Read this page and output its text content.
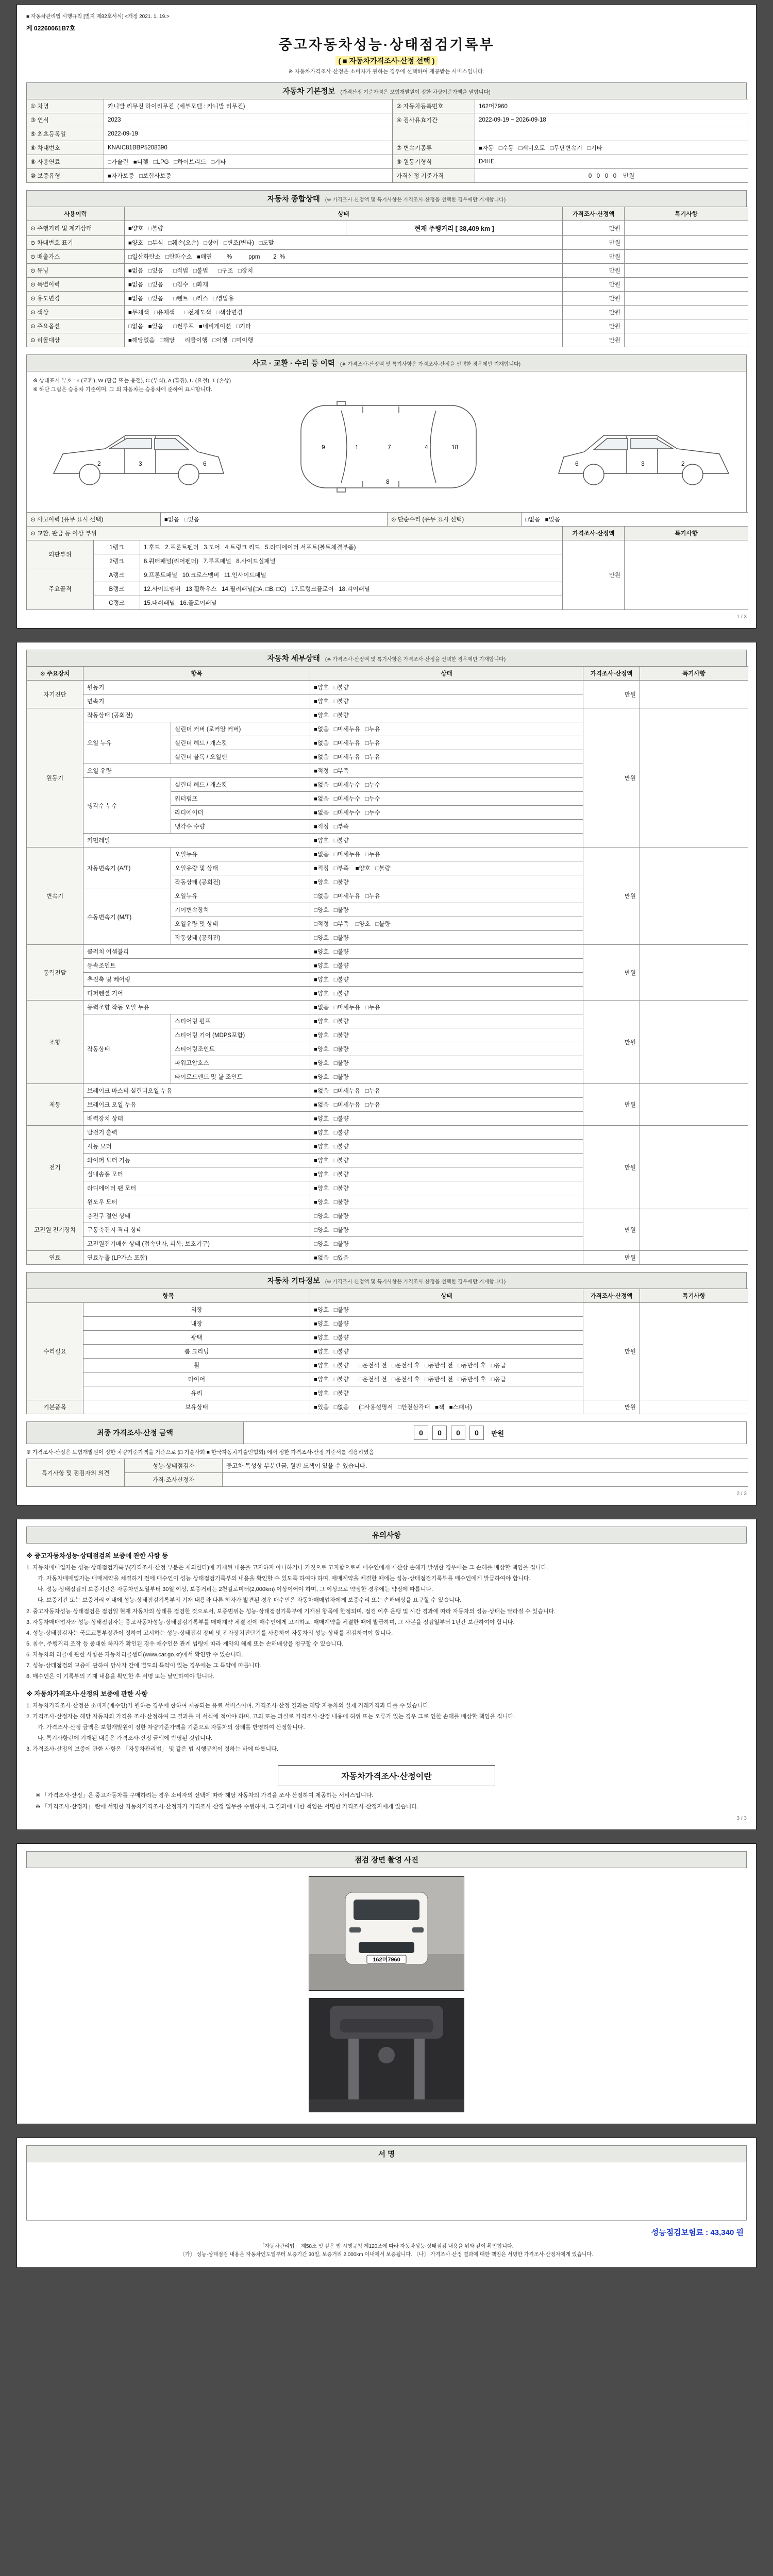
■ 자동차관리법 시행규칙 [별지 제82호서식] <개정 2021. 1. 19.>
제 02260061B7호
중고자동차성능·상태점검기록부
( ■ 자동차가격조사·산정 선택 )
※ 자동차가격조사·산정은 소비자가 원하는 경우에 선택하여 제공받는 서비스입니다.
자동차 기본정보 (가격산정 기준가격은 보험개발원이 정한 차량기준가액을 말합니다)
① 차명	카니발 리무진 하이리무진  (세부모델 : 카니발 리무진)	② 자동차등록번호	162머7960
③ 연식	2023	④ 검사유효기간	2022-09-19 ~ 2026-09-18
⑤ 최초등록일	2022-09-19		
⑥ 차대번호	KNAIC81BBP5208390	⑦ 변속기종류	■자동   □수동   □세미오토   □무단변속기   □기타
⑧ 사용연료	□가솔린   ■디젤   □LPG   □하이브리드   □기타	⑨ 원동기형식	D4HE
⑩ 보증유형	■자가보증   □보험사보증	가격산정 기준가격	0   0   0   0    만원
자동차 종합상태 (※ 가격조사·산정액 및 특기사항은 가격조사·산정을 선택한 경우에만 기재합니다)
사용이력	상태		가격조사·산정액	특기사항
⊙ 주행거리 및 계기상태	■양호   □불량	현재 주행거리 [ 38,409 km ]	만원	
⊙ 차대번호 표기	■양호   □부식   □훼손(오손)   □상이   □변조(변타)   □도말		만원	
⊙ 배출가스	□일산화탄소   □탄화수소   ■매연         %          ppm        2  %		만원	
⊙ 튜닝	■없음   □있음      □적법   □불법      □구조   □장치		만원	
⊙ 특별이력	■없음   □있음      □침수   □화재		만원	
⊙ 용도변경	■없음   □있음      □렌트   □리스   □영업용		만원	
⊙ 색상	■무채색   □유채색      □전체도색   □색상변경		만원	
⊙ 주요옵션	□없음   ■있음      □썬루프   ■네비게이션   □기타		만원	
⊙ 리콜대상	■해당없음   □해당      리콜이행   □이행   □미이행		만원	
사고 · 교환 · 수리 등 이력 (※ 가격조사·산정액 및 특기사항은 가격조사·산정을 선택한 경우에만 기재합니다)
※ 상태표시 부호 : × (교환), W (판금 또는 용접), C (부식), A (흠집), U (요철), T (손상)
※ 하단 그림은 승용차 기준이며, 그 외 자동차는 승용차에 준하여 표시합니다.
2	3	6
9	1	7	4	18
8
2
3
6
⊙ 사고이력 (유무 표시 선택)	■없음   □있음	⊙ 단순수리 (유무 표시 선택)	□없음   ■있음
⊙ 교환, 판금 등 이상 부위			가격조사·산정액	특기사항
외판부위	1랭크	1.후드   2.프론트펜더   3.도어   4.트렁크 리드   5.라디에이터 서포트(볼트체결부품)	만원	
	2랭크	6.쿼터패널(리어펜더)   7.루프패널   8.사이드실패널		
주요골격	A랭크	9.프론트패널   10.크로스멤버   11.인사이드패널		
	B랭크	12.사이드멤버   13.휠하우스   14.필러패널(□A, □B, □C)   17.트렁크플로어   18.리어패널		
	C랭크	15.대쉬패널   16.플로어패널		
1 / 3
자동차 세부상태 (※ 가격조사·산정액 및 특기사항은 가격조사·산정을 선택한 경우에만 기재합니다)
⊙ 주요장치	항목		상태	가격조사·산정액	특기사항
자기진단	원동기		■양호   □불량	만원	
	변속기		■양호   □불량		
원동기	작동상태 (공회전)		■양호   □불량	만원	
	오일 누유	실린더 커버 (로커암 커버)	■없음   □미세누유   □누유		
		실린더 헤드 / 개스킷	■없음   □미세누유   □누유		
		실린더 블록 / 오일팬	■없음   □미세누유   □누유		
	오일 유량		■적정   □부족		
	냉각수 누수	실린더 헤드 / 개스킷	■없음   □미세누수   □누수		
		워터펌프	■없음   □미세누수   □누수		
		라디에이터	■없음   □미세누수   □누수		
		냉각수 수량	■적정   □부족		
	커먼레일		■양호   □불량		
변속기	자동변속기 (A/T)	오일누유	■없음   □미세누유   □누유	만원	
		오일유량 및 상태	■적정   □부족    ■양호   □불량		
		작동상태 (공회전)	■양호   □불량		
	수동변속기 (M/T)	오일누유	□없음   □미세누유   □누유		
		기어변속장치	□양호   □불량		
		오일유량 및 상태	□적정   □부족    □양호   □불량		
		작동상태 (공회전)	□양호   □불량		
동력전달	클러치 어셈블리		■양호   □불량	만원	
	등속조인트		■양호   □불량		
	추진축 및 베어링		■양호   □불량		
	디퍼렌셜 기어		■양호   □불량		
조향	동력조향 작동 오일 누유		■없음   □미세누유   □누유	만원	
	작동상태	스티어링 펌프	■양호   □불량		
		스티어링 기어 (MDPS포함)	■양호   □불량		
		스티어링조인트	■양호   □불량		
		파워고압호스	■양호   □불량		
		타이로드엔드 및 볼 조인트	■양호   □불량		
제동	브레이크 마스터 실린더오일 누유		■없음   □미세누유   □누유	만원	
	브레이크 오일 누유		■없음   □미세누유   □누유		
	배력장치 상태		■양호   □불량		
전기	발전기 출력		■양호   □불량	만원	
	시동 모터		■양호   □불량		
	와이퍼 모터 기능		■양호   □불량		
	실내송풍 모터		■양호   □불량		
	라디에이터 팬 모터		■양호   □불량		
	윈도우 모터		■양호   □불량		
고전원 전기장치	충전구 절연 상태		□양호   □불량	만원	
	구동축전지 격리 상태		□양호   □불량		
	고전원전기배선 상태 (접속단자, 피복, 보호기구)		□양호   □불량		
연료	연료누출 (LP가스 포함)		■없음   □있음	만원	
자동차 기타정보 (※ 가격조사·산정액 및 특기사항은 가격조사·산정을 선택한 경우에만 기재합니다)
항목		상태	가격조사·산정액	특기사항
수리필요	외장	■양호   □불량	만원	
	내장	■양호   □불량		
	광택	■양호   □불량		
	룸 크리닝	■양호   □불량		
	휠	■양호   □불량      □운전석 전   □운전석 후   □동반석 전   □동반석 후   □응급		
	타이어	■양호   □불량      □운전석 전   □운전석 후   □동반석 전   □동반석 후   □응급		
	유리	■양호   □불량		
기본품목	보유상태	■있음   □없음      (□사용설명서   □안전삼각대   ■잭   ■스패너)	만원	
최종 가격조사·산정 금액	0	0	0	0	만원
※ 가격조사·산정은 보험개발원이 정한 차량기준가액을 기준으로 (□ 기술사회 ■ 한국자동차기술인협회) 에서 정한 가격조사·산정 기준서를 적용하였음
특기사항 및 점검자의 의견	성능·상태점검자	중고차 특성상 부분판금, 원판 도색이 있을 수 있습니다.
	가격·조사산정자	
2 / 3
유의사항
※ 중고자동차성능·상태점검의 보증에 관한 사항 등
1. 자동차매매업자는 성능·상태점검기록부(가격조사·산정 부분은 제외한다)에 기재된 내용을 고지하지 아니하거나 거짓으로 고지함으로써 매수인에게 재산상 손해가 발생한 경우에는 그 손해를 배상할 책임을 집니다.
가. 자동차매매업자는 매매계약을 체결하기 전에 매수인이 성능·상태점검기록부의 내용을 확인할 수 있도록 하여야 하며, 매매계약을 체결한 때에는 성능·상태점검기록부를 매수인에게 발급하여야 합니다.
나. 성능·상태점검의 보증기간은 자동차인도일부터 30일 이상, 보증거리는 2천킬로미터(2,000km) 이상이어야 하며, 그 이상으로 약정한 경우에는 약정에 따릅니다.
다. 보증기간 또는 보증거리 이내에 성능·상태점검기록부의 기재 내용과 다른 하자가 발견된 경우 매수인은 자동차매매업자에게 보증수리 또는 손해배상을 요구할 수 있습니다.
2. 중고자동차성능·상태점검은 점검일 현재 자동차의 상태를 점검한 것으로서, 보증범위는 성능·상태점검기록부에 기재된 항목에 한정되며, 점검 이후 운행 및 시간 경과에 따라 자동차의 성능·상태는 달라질 수 있습니다.
3. 자동차매매업자와 성능·상태점검자는 중고자동차성능·상태점검기록부를 매매계약 체결 전에 매수인에게 고지하고, 매매계약을 체결한 때에 발급하며, 그 사본을 점검일부터 1년간 보관하여야 합니다.
4. 성능·상태점검자는 국토교통부장관이 정하여 고시하는 성능·상태점검 장비 및 전자장치진단기를 사용하여 자동차의 성능·상태를 점검하여야 합니다.
5. 침수, 주행거리 조작 등 중대한 하자가 확인된 경우 매수인은 관계 법령에 따라 계약의 해제 또는 손해배상을 청구할 수 있습니다.
6. 자동차의 리콜에 관한 사항은 자동차리콜센터(www.car.go.kr)에서 확인할 수 있습니다.
7. 성능·상태점검의 보증에 관하여 당사자 간에 별도의 특약이 있는 경우에는 그 특약에 따릅니다.
8. 매수인은 이 기록부의 기재 내용을 확인한 후 서명 또는 날인하여야 합니다.
※ 자동차가격조사·산정의 보증에 관한 사항
1. 자동차가격조사·산정은 소비자(매수인)가 원하는 경우에 한하여 제공되는 유료 서비스이며, 가격조사·산정 결과는 해당 자동차의 실제 거래가격과 다를 수 있습니다.
2. 가격조사·산정자는 해당 자동차의 가격을 조사·산정하여 그 결과를 이 서식에 적어야 하며, 고의 또는 과실로 가격조사·산정 내용에 허위 또는 오류가 있는 경우 그로 인한 손해를 배상할 책임을 집니다.
가. 가격조사·산정 금액은 보험개발원이 정한 차량기준가액을 기준으로 자동차의 상태를 반영하여 산정합니다.
나. 특기사항란에 기재된 내용은 가격조사·산정 금액에 반영된 것입니다.
3. 가격조사·산정의 보증에 관한 사항은 「자동차관리법」 및 같은 법 시행규칙이 정하는 바에 따릅니다.
자동차가격조사·산정이란
※ 「가격조사·산정」은 중고자동차를 구매하려는 경우 소비자의 선택에 따라 해당 자동차의 가격을 조사·산정하여 제공하는 서비스입니다.
※ 「가격조사·산정자」 란에 서명한 자동차가격조사·산정자가 가격조사·산정 업무를 수행하며, 그 결과에 대한 책임은 서명한 가격조사·산정자에게 있습니다.
3 / 3
점검 장면 촬영 사진
162머7960
서 명
성능점검보험료 : 43,340 원
「자동차관리법」 제58조 및 같은 법 시행규칙 제120조에 따라 자동차성능·상태점검 내용을 위와 같이 확인합니다.
〔가〕 성능·상태점검 내용은 자동차인도일부터 보증기간 30일, 보증거리 2,000km 이내에서 보증됩니다. 〔나〕 가격조사·산정 결과에 대한 책임은 서명한 가격조사·산정자에게 있습니다.
